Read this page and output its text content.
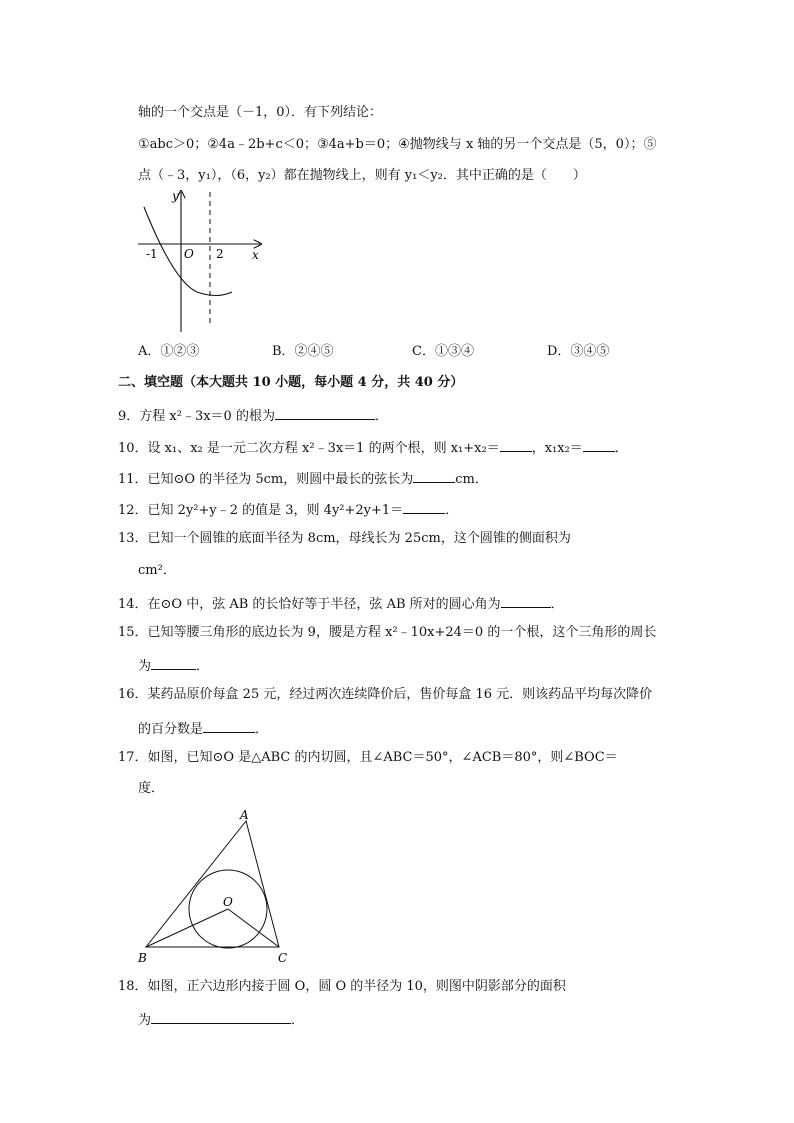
轴的一个交点是（－1，0）．有下列结论：
①abc＞0；②4a﹣2b+c＜0；③4a+b＝0；④抛物线与 x 轴的另一个交点是（5，0）；⑤
点（﹣3，y₁），（6，y₂）都在抛物线上，则有 y₁＜y₂．其中正确的是（　　）
y
x
O
-1	2
A．①②③	B．②④⑤	C．①③④	D．③④⑤
二、填空题（本大题共 10 小题，每小题 4 分，共 40 分）
9．方程 x²﹣3x＝0 的根为	．
10．设 x₁、x₂ 是一元二次方程 x²﹣3x＝1 的两个根，则 x₁+x₂＝ ，x₁x₂＝ ．
11．已知⊙O 的半径为 5cm，则圆中最长的弦长为	cm．
12．已知 2y²+y﹣2 的值是 3，则 4y²+2y+1＝	．
13．已知一个圆锥的底面半径为 8cm，母线长为 25cm，这个圆锥的侧面积为
cm²．
14．在⊙O 中，弦 AB 的长恰好等于半径，弦 AB 所对的圆心角为	．
15．已知等腰三角形的底边长为 9，腰是方程 x²﹣10x+24＝0 的一个根，这个三角形的周长
为	．
16．某药品原价每盒 25 元，经过两次连续降价后，售价每盒 16 元．则该药品平均每次降价
的百分数是	．
17．如图，已知⊙O 是△ABC 的内切圆，且∠ABC＝50°，∠ACB＝80°，则∠BOC＝
度．
A
B	C
O
18．如图，正六边形内接于圆 O，圆 O 的半径为 10，则图中阴影部分的面积
为	．
